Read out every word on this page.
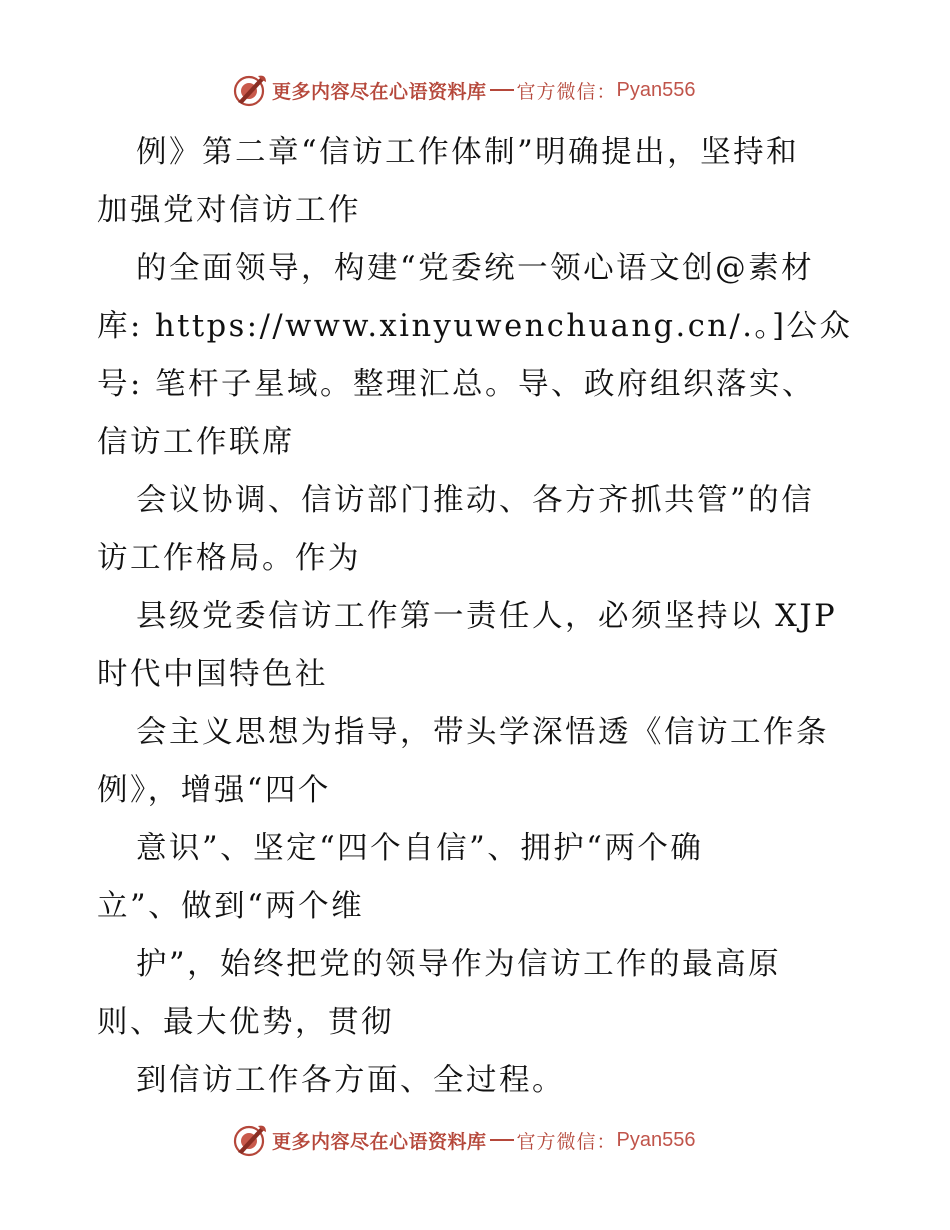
更多内容尽在心语资料库 官方微信： Pyan556
例》第二章“信访工作体制”明确提出，坚持和
加强党对信访工作
的全面领导，构建“党委统一领心语文创@素材
库: https://www.xinyuwenchuang.cn/.。]公众
号: 笔杆子星域。整理汇总。导、政府组织落实、
信访工作联席
会议协调、信访部门推动、各方齐抓共管”的信
访工作格局。作为
县级党委信访工作第一责任人，必须坚持以 XJP
时代中国特色社
会主义思想为指导，带头学深悟透《信访工作条
例》，增强“四个
意识”、坚定“四个自信”、拥护“两个确
立”、做到“两个维
护”，始终把党的领导作为信访工作的最高原
则、最大优势，贯彻
到信访工作各方面、全过程。
更多内容尽在心语资料库 官方微信： Pyan556
